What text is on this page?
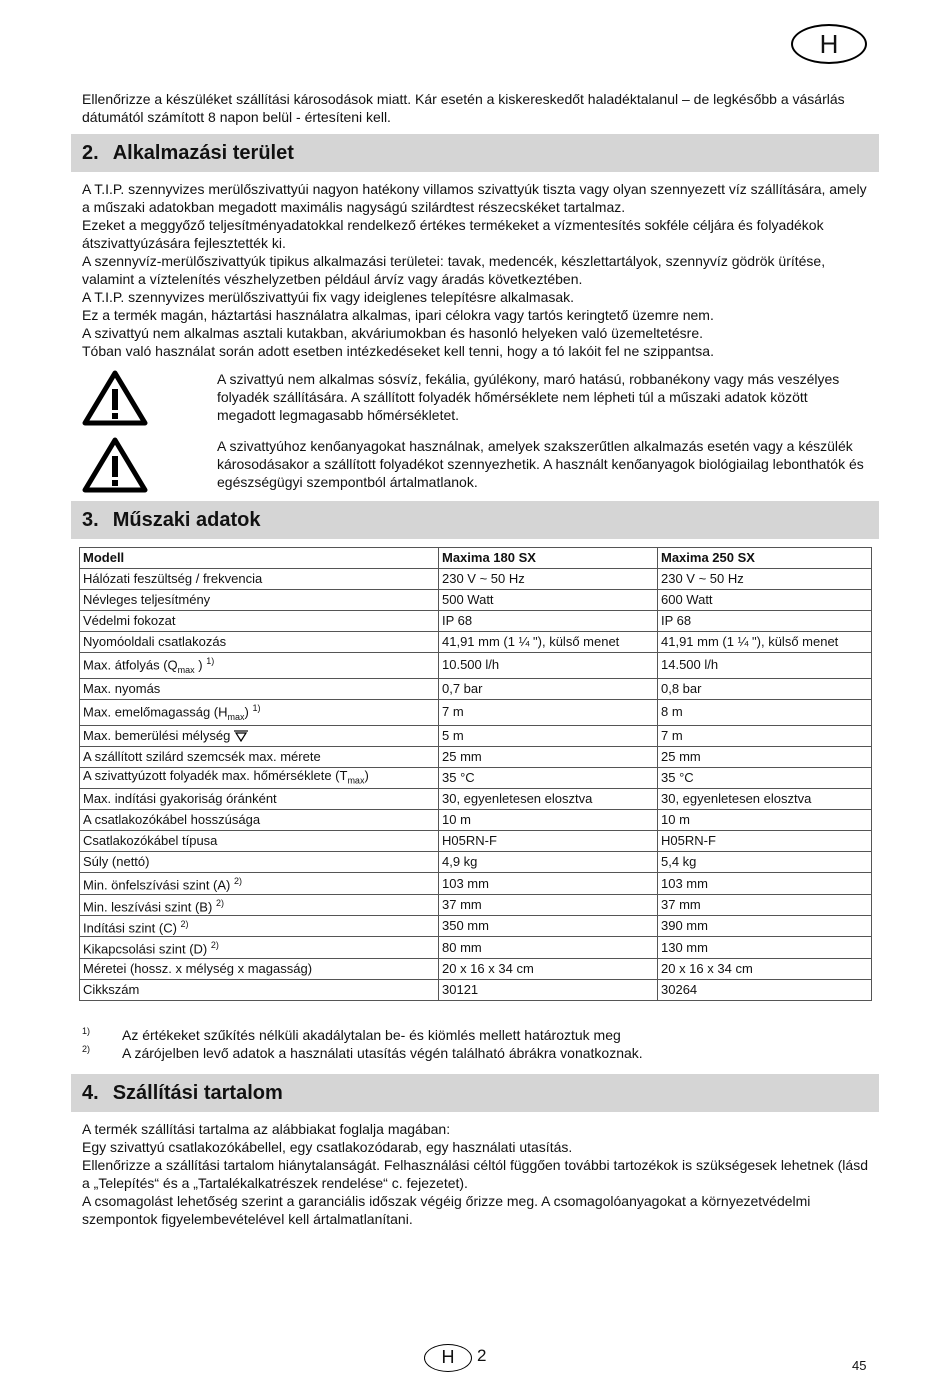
H
Ellenőrizze a készüléket szállítási károsodások miatt. Kár esetén a kiskereskedőt haladéktalanul – de legkésőbb a vásárlás dátumától számított 8 napon belül - értesíteni kell.
2. Alkalmazási terület

A T.I.P. szennyvizes merülőszivattyúi nagyon hatékony villamos szivattyúk tiszta vagy olyan szennyezett víz szállítására, amely a műszaki adatokban megadott maximális nagyságú szilárdtest részecskéket tartalmaz.

Ezeket a meggyőző teljesítményadatokkal rendelkező értékes termékeket a vízmentesítés sokféle céljára és folyadékok átszivattyúzására fejlesztették ki.

A szennyvíz-merülőszivattyúk tipikus alkalmazási területei: tavak, medencék, készlettartályok, szennyvíz gödrök ürítése, valamint a víztelenítés vészhelyzetben például árvíz vagy áradás következtében.

A T.I.P. szennyvizes merülőszivattyúi fix vagy ideiglenes telepítésre alkalmasak.

Ez a termék magán, háztartási használatra alkalmas, ipari célokra vagy tartós keringtető üzemre nem.

A szivattyú nem alkalmas asztali kutakban, akváriumokban és hasonló helyeken való üzemeltetésre.

Tóban való használat során adott esetben intézkedéseket kell tenni, hogy a tó lakóit fel ne szippantsa.

A szivattyú nem alkalmas sósvíz, fekália, gyúlékony, maró hatású, robbanékony vagy más veszélyes folyadék szállítására. A szállított folyadék hőmérséklete nem lépheti túl a műszaki adatok között megadott legmagasabb hőmérsékletet.
A szivattyúhoz kenőanyagokat használnak, amelyek szakszerűtlen alkalmazás esetén vagy a készülék károsodásakor a szállított folyadékot szennyezhetik. A használt kenőanyagok biológiailag lebonthatók és egészségügyi szempontból ártalmatlanok.
3. Műszaki adatok
Modell	Maxima 180 SX	Maxima 250 SX
Hálózati feszültség / frekvencia	230 V ~ 50 Hz	230 V ~ 50 Hz
Névleges teljesítmény	500 Watt	600 Watt
Védelmi fokozat	IP 68	IP 68
Nyomóoldali csatlakozás	41,91 mm (1 ¼ "), külső menet	41,91 mm (1 ¼ "), külső menet
Max. átfolyás ($Q_{max}$ ) $^{1)}$	10.500 l/h	14.500 l/h
Max. nyomás	0,7 bar	0,8 bar
Max. emelőmagasság $(H_{max})$ $^{1)}$	7 m	8 m
Max. bemerülési mélység	5 m	7 m
A szállított szilárd szemcsék max. mérete	25 mm	25 mm
A szivattyúzott folyadék max. hőmérséklete $(T_{max})$	35 °C	35 °C
Max. indítási gyakoriság óránként	30, egyenletesen elosztva	30, egyenletesen elosztva
A csatlakozókábel hosszúsága	10 m	10 m
Csatlakozókábel típusa	H05RN-F	H05RN-F
Súly (nettó)	4,9 kg	5,4 kg
Min. önfelszívási szint (A) $^{2)}$	103 mm	103 mm
Min. leszívási szint (B) $^{2)}$	37 mm	37 mm
Indítási szint (C) $^{2)}$	350 mm	390 mm
Kikapcsolási szint (D) $^{2)}$	80 mm	130 mm
Méretei (hossz. x mélység x magasság)	20 x 16 x 34 cm	20 x 16 x 34 cm
Cikkszám	30121	30264
1) Az értékeket szűkítés nélküli akadálytalan be- és kiömlés mellett határoztuk meg
2) A zárójelben levő adatok a használati utasítás végén található ábrákra vonatkoznak.
4. Szállítási tartalom

A termék szállítási tartalma az alábbiakat foglalja magában:

Egy szivattyú csatlakozókábellel, egy csatlakozódarab, egy használati utasítás.

Ellenőrizze a szállítási tartalom hiánytalanságát. Felhasználási céltól függően további tartozékok is szükségesek lehetnek (lásd a „Telepítés“ és a „Tartalékalkatrészek rendelése“ c. fejezetet).

A csomagolást lehetőség szerint a garanciális időszak végéig őrizze meg. A csomagolóanyagokat a környezetvédelmi szempontok figyelembevételével kell ártalmatlanítani.

H	2
45
